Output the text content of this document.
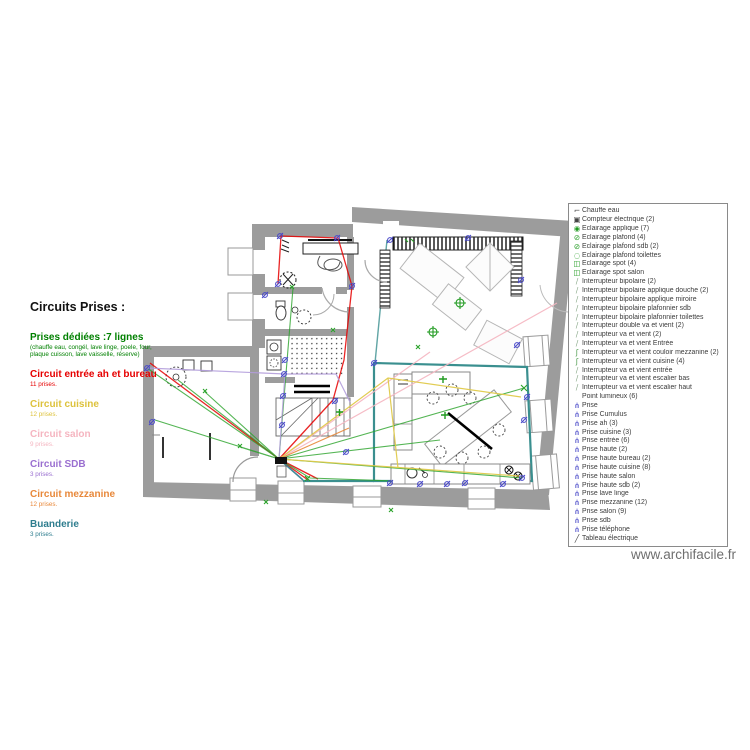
Circuits Prises :
Prises dédiées :7 lignes
(chauffe eau, congél, lave linge, poele, four, plaque cuisson, lave vaisselle, réserve)
Circuit entrée ah et bureau
11 prises.
Circuit cuisine
12 prises.
Circuit salon
9 prises.
Circuit SDB
3 prises.
Circuit mezzanine
12 prises.
Buanderie
3 prises.
⌐ Chauffe eau
▣ Compteur électrique (2)
◉ Eclairage applique (7)
⊘ Eclairage plafond (4)
⊘ Eclairage plafond sdb (2)
◌ Eclairage plafond toilettes
◫ Eclairage spot (4)
◫ Eclairage spot salon
/ Interrupteur bipolaire (2)
/ Interrupteur bipolaire applique douche (2)
/ Interrupteur bipolaire applique miroire
/ Interrupteur bipolaire plafonnier sdb
/ Interrupteur bipolaire plafonnier toilettes
/ Interrupteur double va et vient (2)
/ Interrupteur va et vient (2)
/ Interrupteur va et vient Entrée
ʃ Interrupteur va et vient couloir mezzanine (2)
ʃ Interrupteur va et vient cuisine (4)
/ Interrupteur va et vient entrée
/ Interrupteur va et vient escalier bas
/ Interrupteur va et vient escalier haut
Point lumineux (6)
⋔ Prise
⋔ Prise Cumulus
⋔ Prise ah (3)
⋔ Prise cuisine (3)
⋔ Prise entrée (6)
⋔ Prise haute (2)
⋔ Prise haute bureau (2)
⋔ Prise haute cuisine (8)
⋔ Prise haute salon
⋔ Prise haute sdb (2)
⋔ Prise lave linge
⋔ Prise mezzanine (12)
⋔ Prise salon (9)
⋔ Prise sdb
⋔ Prise téléphone
╱ Tableau électrique
www.archifacile.fr
